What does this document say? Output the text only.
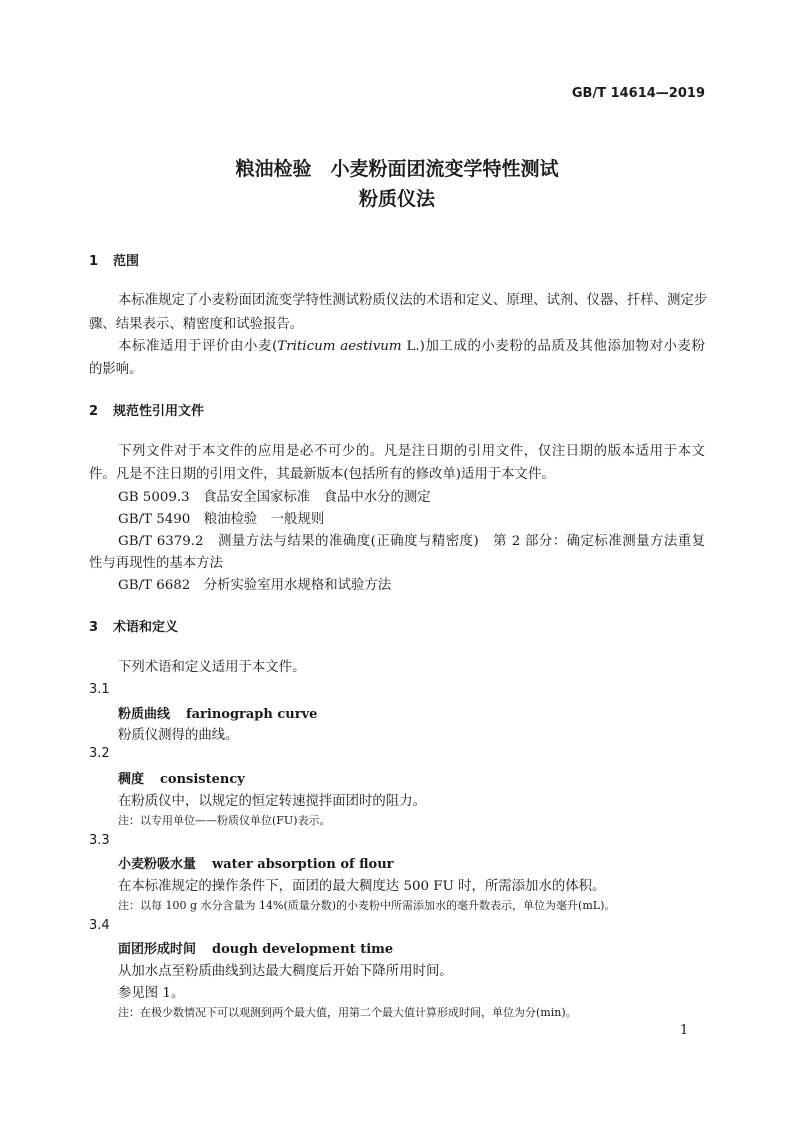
GB/T 14614—2019
粮油检验　小麦粉面团流变学特性测试
粉质仪法
1 范围
本标准规定了小麦粉面团流变学特性测试粉质仪法的术语和定义、原理、试剂、仪器、扦样、测定步
骤、结果表示、精密度和试验报告。
本标准适用于评价由小麦(Triticum aestivum L.)加工成的小麦粉的品质及其他添加物对小麦粉
的影响。
2 规范性引用文件
下列文件对于本文件的应用是必不可少的。凡是注日期的引用文件，仅注日期的版本适用于本文
件。凡是不注日期的引用文件，其最新版本(包括所有的修改单)适用于本文件。
GB 5009.3　食品安全国家标准　食品中水分的测定
GB/T 5490　粮油检验　一般规则
GB/T 6379.2　测量方法与结果的准确度(正确度与精密度)　第 2 部分：确定标准测量方法重复
性与再现性的基本方法
GB/T 6682　分析实验室用水规格和试验方法
3 术语和定义
下列术语和定义适用于本文件。
3.1
粉质曲线 farinograph curve
粉质仪测得的曲线。
3.2
稠度 consistency
在粉质仪中，以规定的恒定转速搅拌面团时的阻力。
注：以专用单位——粉质仪单位(FU)表示。
3.3
小麦粉吸水量 water absorption of flour
在本标准规定的操作条件下，面团的最大稠度达 500 FU 时，所需添加水的体积。
注：以每 100 g 水分含量为 14%(质量分数)的小麦粉中所需添加水的毫升数表示，单位为毫升(mL)。
3.4
面团形成时间 dough development time
从加水点至粉质曲线到达最大稠度后开始下降所用时间。
参见图 1。
注：在极少数情况下可以观测到两个最大值，用第二个最大值计算形成时间，单位为分(min)。
1
